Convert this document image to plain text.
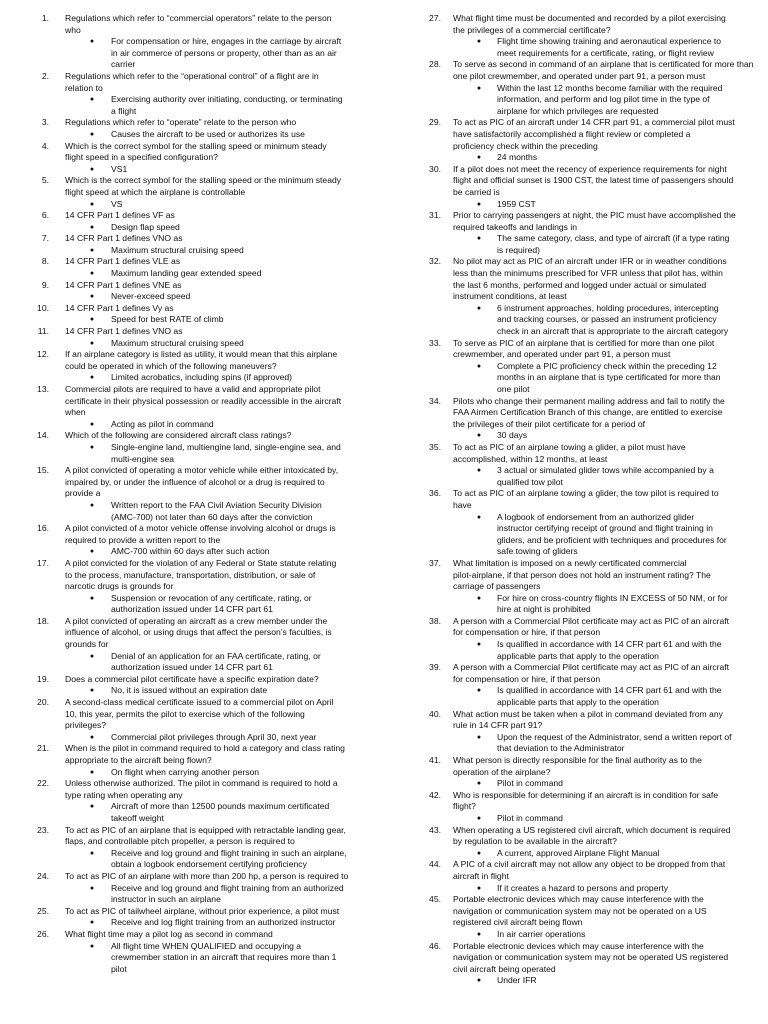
1. Regulations which refer to “commercial operators” relate to the person
who
●	For compensation or hire, engages in the carriage by aircraft
in air commerce of persons or property, other than as an air
carrier
2. Regulations which refer to the “operational control” of a flight are in
relation to
●	Exercising authority over initiating, conducting, or terminating
a flight
3. Regulations which refer to “operate” relate to the person who
●	Causes the aircraft to be used or authorizes its use
4. Which is the correct symbol for the stalling speed or minimum steady
flight speed in a specified configuration?
●	VS1
5. Which is the correct symbol for the stalling speed or the minimum steady
flight speed at which the airplane is controllable
●	VS
6. 14 CFR Part 1 defines VF as
●	Design flap speed
7. 14 CFR Part 1 defines VNO as
●	Maximum structural cruising speed
8. 14 CFR Part 1 defines VLE as
●	Maximum landing gear extended speed
9. 14 CFR Part 1 defines VNE as
●	Never-exceed speed
10. 14 CFR Part 1 defines Vy as
●	Speed for best RATE of climb
11. 14 CFR Part 1 defines VNO as
●	Maximum structural cruising speed
12. If an airplane category is listed as utility, it would mean that this airplane
could be operated in which of the following maneuvers?
●	Limited acrobatics, including spins (if approved)
13. Commercial pilots are required to have a valid and appropriate pilot
certificate in their physical possession or readily accessible in the aircraft
when
●	Acting as pilot in command
14. Which of the following are considered aircraft class ratings?
●	Single-engine land, multiengine land, single-engine sea, and
multi-engine sea
15. A pilot convicted of operating a motor vehicle while either intoxicated by,
impaired by, or under the influence of alcohol or a drug is required to
provide a
●	Written report to the FAA Civil Aviation Security Division
(AMC-700) not later than 60 days after the conviction
16. A pilot convicted of a motor vehicle offense involving alcohol or drugs is
required to provide a written report to the
●	AMC-700 within 60 days after such action
17. A pilot convicted for the violation of any Federal or State statute relating
to the process, manufacture, transportation, distribution, or sale of
narcotic drugs is grounds for
●	Suspension or revocation of any certificate, rating, or
authorization issued under 14 CFR part 61
18. A pilot convicted of operating an aircraft as a crew member under the
influence of alcohol, or using drugs that affect the person’s faculties, is
grounds for
●	Denial of an application for an FAA certificate, rating, or
authorization issued under 14 CFR part 61
19. Does a commercial pilot certificate have a specific expiration date?
●	No, it is issued without an expiration date
20. A second-class medical certificate issued to a commercial pilot on April
10, this year, permits the pilot to exercise which of the following
privileges?
●	Commercial pilot privileges through April 30, next year
21. When is the pilot in command required to hold a category and class rating
appropriate to the aircraft being flown?
●	On flight when carrying another person
22. Unless otherwise authorized. The pilot in command is required to hold a
type rating when operating any
●	Aircraft of more than 12500 pounds maximum certificated
takeoff weight
23. To act as PIC of an airplane that is equipped with retractable landing gear,
flaps, and controllable pitch propeller, a person is required to
●	Receive and log ground and flight training in such an airplane,
obtain a logbook endorsement certifying proficiency
24. To act as PIC of an airplane with more than 200 hp, a person is required to
●	Receive and log ground and flight training from an authorized
instructor in such an airplane
25. To act as PIC of tailwheel airplane, without prior experience, a pilot must
●	Receive and log flight training from an authorized instructor
26. What flight time may a pilot log as second in command
●	All flight time WHEN QUALIFIED and occupying a
crewmember station in an aircraft that requires more than 1
pilot
27. What flight time must be documented and recorded by a pilot exercising
the privileges of a commercial certificate?
● Flight time showing training and aeronautical experience to
meet requirements for a certificate, rating, or flight review
28. To serve as second in command of an airplane that is certificated for more than
one pilot crewmember, and operated under part 91, a person must
● Within the last 12 months become familiar with the required
information, and perform and log pilot time in the type of
airplane for which privileges are requested
29. To act as PIC of an aircraft under 14 CFR part 91, a commercial pilot must
have satisfactorily accomplished a flight review or completed a
proficiency check within the preceding
● 24 months
30. If a pilot does not meet the recency of experience requirements for night
flight and official sunset is 1900 CST, the latest time of passengers should
be carried is
● 1959 CST
31. Prior to carrying passengers at night, the PIC must have accomplished the
required takeoffs and landings in
● The same category, class, and type of aircraft (if a type rating
is required)
32. No pilot may act as PIC of an aircraft under IFR or in weather conditions
less than the minimums prescribed for VFR unless that pilot has, within
the last 6 months, performed and logged under actual or simulated
instrument conditions, at least
● 6 instrument approaches, holding procedures, intercepting
and tracking courses, or passed an instrument proficiency
check in an aircraft that is appropriate to the aircraft category
33. To serve as PIC of an airplane that is certified for more than one pilot
crewmember, and operated under part 91, a person must
● Complete a PIC proficiency check within the preceding 12
months in an airplane that is type certificated for more than
one pilot
34. Pilots who change their permanent mailing address and fail to notify the
FAA Airmen Certification Branch of this change, are entitled to exercise
the privileges of their pilot certificate for a period of
● 30 days
35. To act as PIC of an airplane towing a glider, a pilot must have
accomplished, within 12 months, at least
● 3 actual or simulated glider tows while accompanied by a
qualified tow pilot
36. To act as PIC of an airplane towing a glider, the tow pilot is required to
have
● A logbook of endorsement from an authorized glider
instructor certifying receipt of ground and flight training in
gliders, and be proficient with techniques and procedures for
safe towing of gliders
37. What limitation is imposed on a newly certificated commercial
pilot-airplane, if that person does not hold an instrument rating? The
carriage of passengers
● For hire on cross-country flights IN EXCESS of 50 NM, or for
hire at night is prohibited
38. A person with a Commercial Pilot certificate may act as PIC of an aircraft
for compensation or hire, if that person
● Is qualified in accordance with 14 CFR part 61 and with the
applicable parts that apply to the operation
39. A person with a Commercial Pilot certificate may act as PIC of an aircraft
for compensation or hire, if that person
● Is qualified in accordance with 14 CFR part 61 and with the
applicable parts that apply to the operation
40. What action must be taken when a pilot in command deviated from any
rule in 14 CFR part 91?
● Upon the request of the Administrator, send a written report of
that deviation to the Administrator
41. What person is directly responsible for the final authority as to the
operation of the airplane?
● Pilot in command
42. Who is responsible for determining if an aircraft is in condition for safe
flight?
● Pilot in command
43. When operating a US registered civil aircraft, which document is required
by regulation to be available in the aircraft?
● A current, approved Airplane Flight Manual
44. A PIC of a civil aircraft may not allow any object to be dropped from that
aircraft in flight
● If it creates a hazard to persons and property
45. Portable electronic devices which may cause interference with the
navigation or communication system may not be operated on a US
registered civil aircraft being flown
● In air carrier operations
46. Portable electronic devices which may cause interference with the
navigation or communication system may not be operated US registered
civil aircraft being operated
● Under IFR
